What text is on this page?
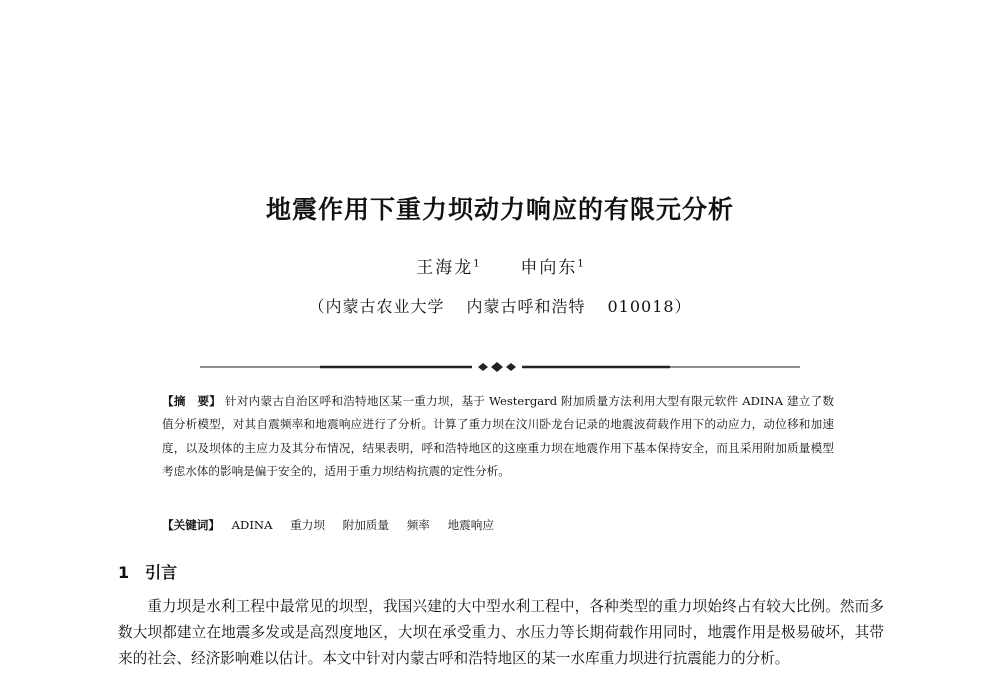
地震作用下重力坝动力响应的有限元分析
王海龙$^1$ 申向东$^1$
（内蒙古农业大学 内蒙古呼和浩特 010018）
【摘　要】 针对内蒙古自治区呼和浩特地区某一重力坝，基于 Westergard 附加质量方法利用大型有限元软件 ADINA 建立了数值分析模型，对其自震频率和地震响应进行了分析。计算了重力坝在汶川卧龙台记录的地震波荷载作用下的动应力，动位移和加速度，以及坝体的主应力及其分布情况，结果表明，呼和浩特地区的这座重力坝在地震作用下基本保持安全，而且采用附加质量模型考虑水体的影响是偏于安全的，适用于重力坝结构抗震的定性分析。
【关键词】 ADINA 重力坝 附加质量 频率 地震响应
1 引言
重力坝是水利工程中最常见的坝型，我国兴建的大中型水利工程中，各种类型的重力坝始终占有较大比例。然而多数大坝都建立在地震多发或是高烈度地区，大坝在承受重力、水压力等长期荷载作用同时，地震作用是极易破坏，其带来的社会、经济影响难以估计。本文中针对内蒙古呼和浩特地区的某一水库重力坝进行抗震能力的分析。
